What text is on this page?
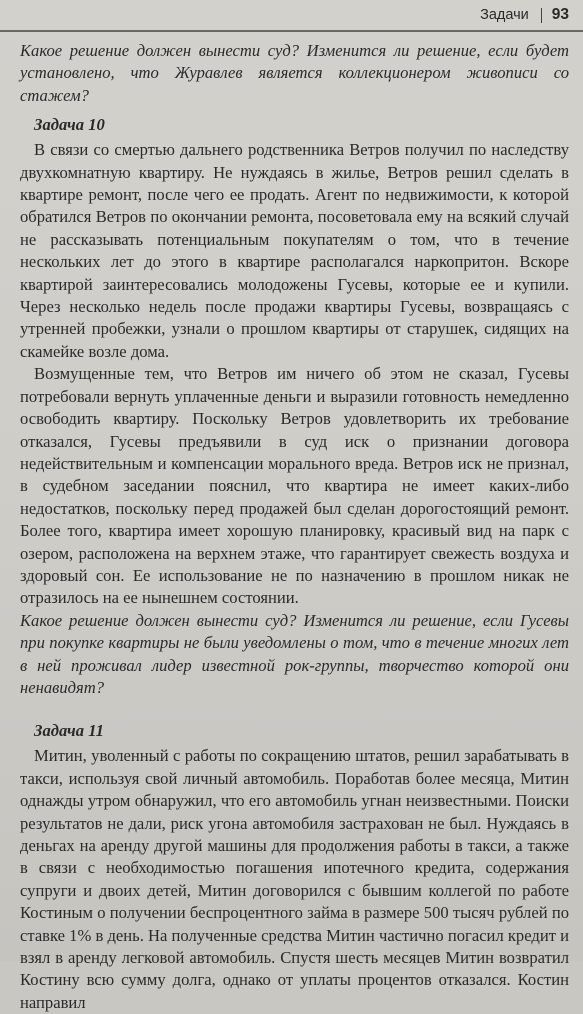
Задачи 93

Какое решение должен вынести суд? Изменится ли решение, если будет установлено, что Журавлев является коллекционером живописи со стажем?

Задача 10

В связи со смертью дальнего родственника Ветров получил по наследству двухкомнатную квартиру. Не нуждаясь в жилье, Ветров решил сделать в квартире ремонт, после чего ее продать. Агент по недвижимости, к которой обратился Ветров по окончании ремонта, посоветовала ему на всякий случай не рассказывать потенциальным покупателям о том, что в течение нескольких лет до этого в квартире располагался наркопритон. Вскоре квартирой заинтересовались молодожены Гусевы, которые ее и купили. Через несколько недель после продажи квартиры Гусевы, возвращаясь с утренней пробежки, узнали о прошлом квартиры от старушек, сидящих на скамейке возле дома.

Возмущенные тем, что Ветров им ничего об этом не сказал, Гусевы потребовали вернуть уплаченные деньги и выразили готовность немедленно освободить квартиру. Поскольку Ветров удовлетворить их требование отказался, Гусевы предъявили в суд иск о признании договора недействительным и компенсации морального вреда. Ветров иск не признал, в судебном заседании пояснил, что квартира не имеет каких-либо недостатков, поскольку перед продажей был сделан дорогостоящий ремонт. Более того, квартира имеет хорошую планировку, красивый вид на парк с озером, расположена на верхнем этаже, что гарантирует свежесть воздуха и здоровый сон. Ее использование не по назначению в прошлом никак не отразилось на ее нынешнем состоянии.

Какое решение должен вынести суд? Изменится ли решение, если Гусевы при покупке квартиры не были уведомлены о том, что в течение многих лет в ней проживал лидер известной рок-группы, творчество которой они ненавидят?

Задача 11

Митин, уволенный с работы по сокращению штатов, решил зарабатывать в такси, используя свой личный автомобиль. Поработав более месяца, Митин однажды утром обнаружил, что его автомобиль угнан неизвестными. Поиски результатов не дали, риск угона автомобиля застрахован не был. Нуждаясь в деньгах на аренду другой машины для продолжения работы в такси, а также в связи с необходимостью погашения ипотечного кредита, содержания супруги и двоих детей, Митин договорился с бывшим коллегой по работе Костиным о получении беспроцентного займа в размере 500 тысяч рублей по ставке 1% в день. На полученные средства Митин частично погасил кредит и взял в аренду легковой автомобиль. Спустя шесть месяцев Митин возвратил Костину всю сумму долга, однако от уплаты процентов отказался. Костин направил
